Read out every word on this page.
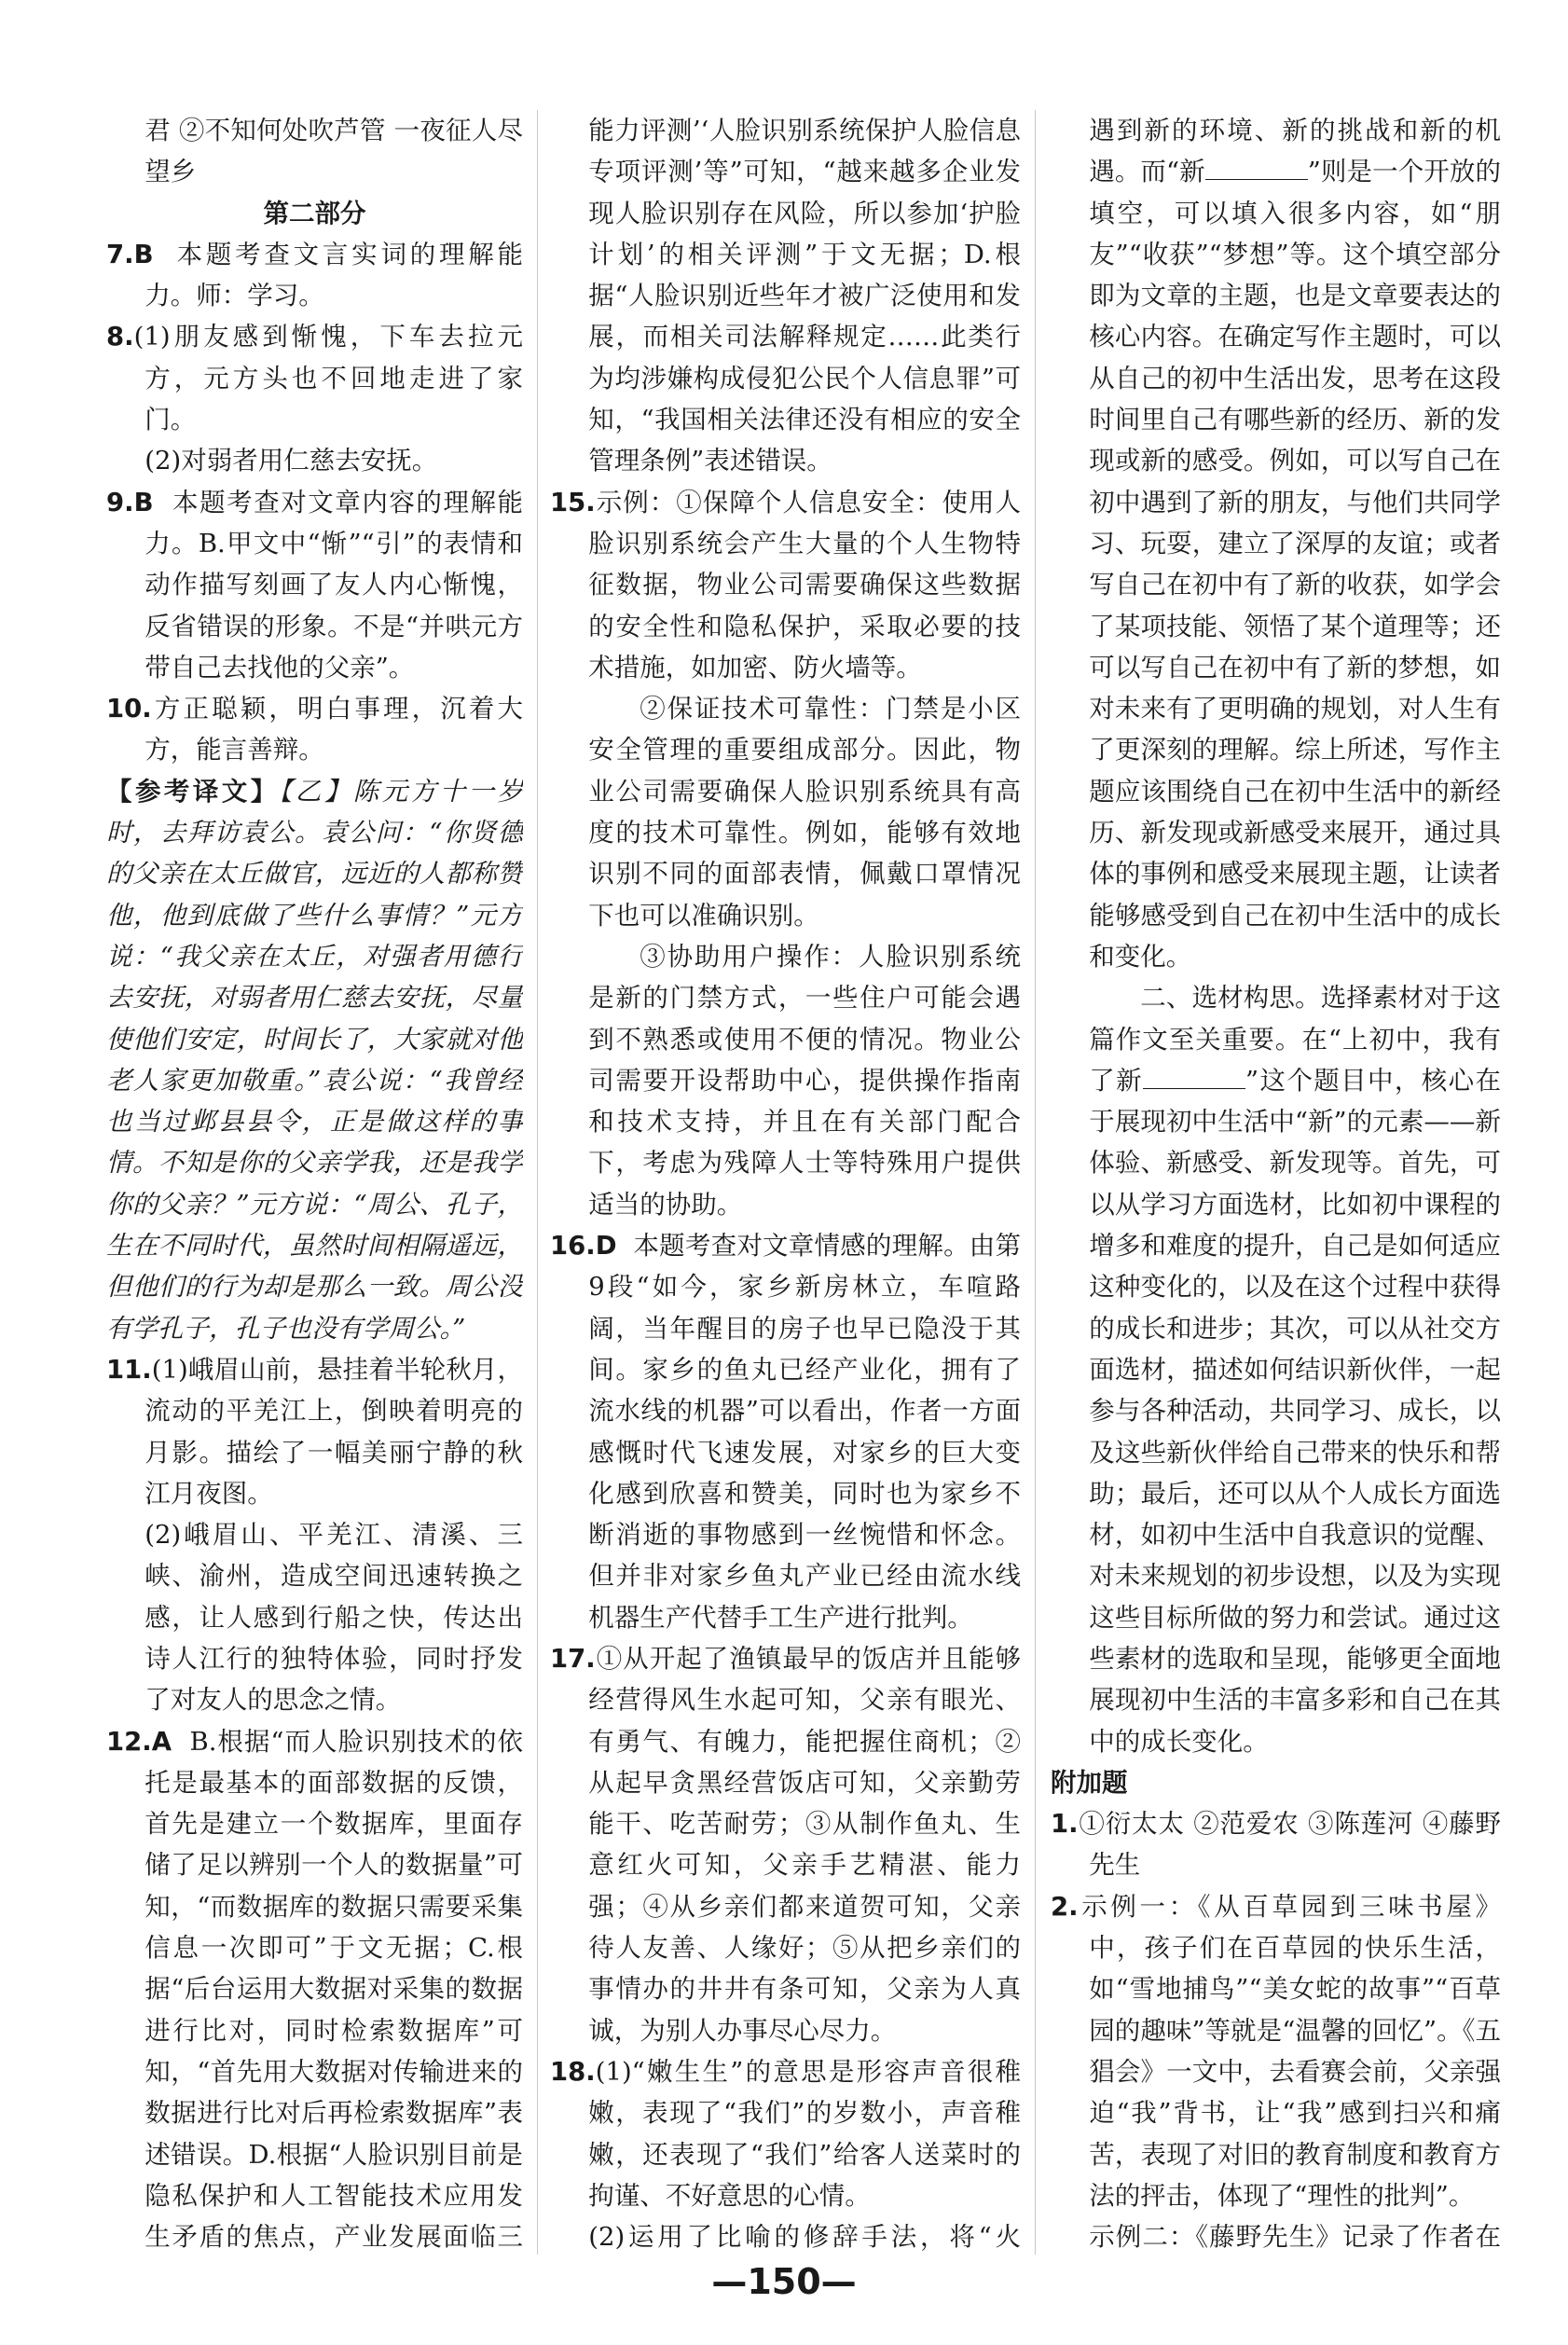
君 ②不知何处吹芦管 一夜征人尽望乡

第二部分

7.B 本题考查文言实词的理解能力。师：学习。

8.(1)朋友感到惭愧，下车去拉元方，元方头也不回地走进了家门。

(2)对弱者用仁慈去安抚。

9.B 本题考查对文章内容的理解能力。B.甲文中“惭”“引”的表情和动作描写刻画了友人内心惭愧，反省错误的形象。不是“并哄元方带自己去找他的父亲”。

10.方正聪颖，明白事理，沉着大方，能言善辩。

【参考译文】【乙】陈元方十一岁时，去拜访袁公。袁公问：“你贤德的父亲在太丘做官，远近的人都称赞他，他到底做了些什么事情？”元方说：“我父亲在太丘，对强者用德行去安抚，对弱者用仁慈去安抚，尽量使他们安定，时间长了，大家就对他老人家更加敬重。”袁公说：“我曾经也当过邺县县令，正是做这样的事情。不知是你的父亲学我，还是我学你的父亲？”元方说：“周公、孔子，生在不同时代，虽然时间相隔遥远，但他们的行为却是那么一致。周公没有学孔子，孔子也没有学周公。”

11.(1)峨眉山前，悬挂着半轮秋月，流动的平羌江上，倒映着明亮的月影。描绘了一幅美丽宁静的秋江月夜图。

(2)峨眉山、平羌江、清溪、三峡、渝州，造成空间迅速转换之感，让人感到行船之快，传达出诗人江行的独特体验，同时抒发了对友人的思念之情。

12.A B.根据“而人脸识别技术的依托是最基本的面部数据的反馈，首先是建立一个数据库，里面存储了足以辨别一个人的数据量”可知，“而数据库的数据只需要采集信息一次即可”于文无据；C.根据“后台运用大数据对采集的数据进行比对，同时检索数据库”可知，“首先用大数据对传输进来的数据进行比对后再检索数据库”表述错误。D.根据“人脸识别目前是隐私保护和人工智能技术应用发生矛盾的焦点，产业发展面临三

能力评测’‘人脸识别系统保护人脸信息专项评测’等”可知，“越来越多企业发现人脸识别存在风险，所以参加‘护脸计划’的相关评测”于文无据；D.根据“人脸识别近些年才被广泛使用和发展，而相关司法解释规定……此类行为均涉嫌构成侵犯公民个人信息罪”可知，“我国相关法律还没有相应的安全管理条例”表述错误。

15.示例：①保障个人信息安全：使用人脸识别系统会产生大量的个人生物特征数据，物业公司需要确保这些数据的安全性和隐私保护，采取必要的技术措施，如加密、防火墙等。

②保证技术可靠性：门禁是小区安全管理的重要组成部分。因此，物业公司需要确保人脸识别系统具有高度的技术可靠性。例如，能够有效地识别不同的面部表情，佩戴口罩情况下也可以准确识别。

③协助用户操作：人脸识别系统是新的门禁方式，一些住户可能会遇到不熟悉或使用不便的情况。物业公司需要开设帮助中心，提供操作指南和技术支持，并且在有关部门配合下，考虑为残障人士等特殊用户提供适当的协助。

16.D 本题考查对文章情感的理解。由第9段“如今，家乡新房林立，车喧路阔，当年醒目的房子也早已隐没于其间。家乡的鱼丸已经产业化，拥有了流水线的机器”可以看出，作者一方面感慨时代飞速发展，对家乡的巨大变化感到欣喜和赞美，同时也为家乡不断消逝的事物感到一丝惋惜和怀念。但并非对家乡鱼丸产业已经由流水线机器生产代替手工生产进行批判。

17.①从开起了渔镇最早的饭店并且能够经营得风生水起可知，父亲有眼光、有勇气、有魄力，能把握住商机；②从起早贪黑经营饭店可知，父亲勤劳能干、吃苦耐劳；③从制作鱼丸、生意红火可知，父亲手艺精湛、能力强；④从乡亲们都来道贺可知，父亲待人友善、人缘好；⑤从把乡亲们的事情办的井井有条可知，父亲为人真诚，为别人办事尽心尽力。

18.(1)“嫩生生”的意思是形容声音很稚嫩，表现了“我们”的岁数小，声音稚嫩，还表现了“我们”给客人送菜时的拘谨、不好意思的心情。

(2)运用了比喻的修辞手法，将“火

遇到新的环境、新的挑战和新的机遇。而“新	”则是一个开放的填空，可以填入很多内容，如“朋友”“收获”“梦想”等。这个填空部分即为文章的主题，也是文章要表达的核心内容。在确定写作主题时，可以从自己的初中生活出发，思考在这段时间里自己有哪些新的经历、新的发现或新的感受。例如，可以写自己在初中遇到了新的朋友，与他们共同学习、玩耍，建立了深厚的友谊；或者写自己在初中有了新的收获，如学会了某项技能、领悟了某个道理等；还可以写自己在初中有了新的梦想，如对未来有了更明确的规划，对人生有了更深刻的理解。综上所述，写作主题应该围绕自己在初中生活中的新经历、新发现或新感受来展开，通过具体的事例和感受来展现主题，让读者能够感受到自己在初中生活中的成长和变化。

二、选材构思。选择素材对于这篇作文至关重要。在“上初中，我有了新	”这个题目中，核心在于展现初中生活中“新”的元素——新体验、新感受、新发现等。首先，可以从学习方面选材，比如初中课程的增多和难度的提升，自己是如何适应这种变化的，以及在这个过程中获得的成长和进步；其次，可以从社交方面选材，描述如何结识新伙伴，一起参与各种活动，共同学习、成长，以及这些新伙伴给自己带来的快乐和帮助；最后，还可以从个人成长方面选材，如初中生活中自我意识的觉醒、对未来规划的初步设想，以及为实现这些目标所做的努力和尝试。通过这些素材的选取和呈现，能够更全面地展现初中生活的丰富多彩和自己在其中的成长变化。

附加题

1.①衍太太 ②范爱农 ③陈莲河 ④藤野先生

2.示例一：《从百草园到三味书屋》中，孩子们在百草园的快乐生活，如“雪地捕鸟”“美女蛇的故事”“百草园的趣味”等就是“温馨的回忆”。《五猖会》一文中，去看赛会前，父亲强迫“我”背书，让“我”感到扫兴和痛苦，表现了对旧的教育制度和教育方法的抨击，体现了“理性的批判”。

示例二：《藤野先生》记录了作者在

—150—
